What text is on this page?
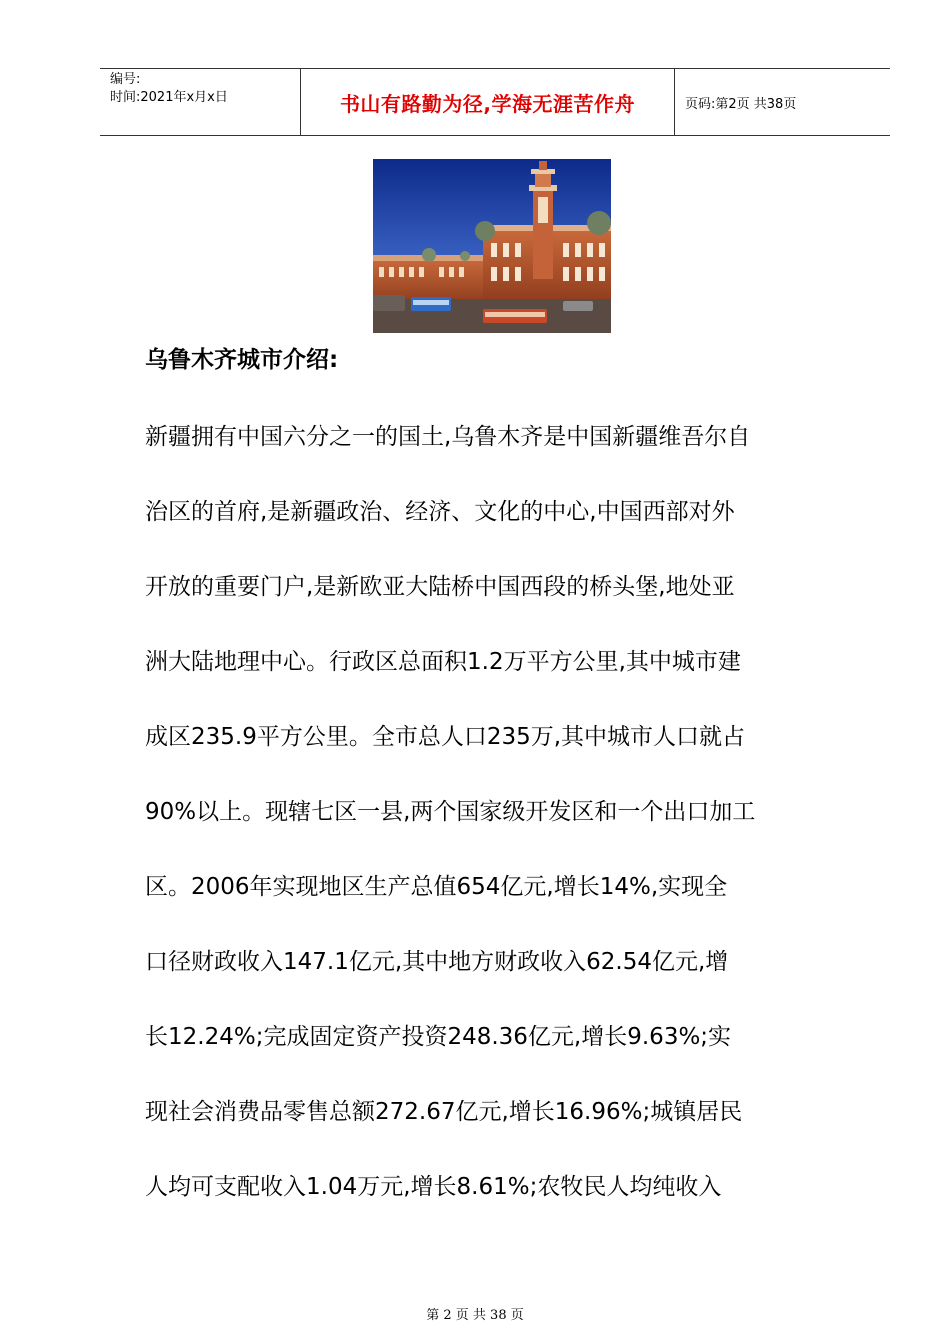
编号:
时间:2021年x月x日	书山有路勤为径,学海无涯苦作舟	页码:第2页 共38页
乌鲁木齐城市介绍:
新疆拥有中国六分之一的国土,乌鲁木齐是中国新疆维吾尔自
治区的首府,是新疆政治、经济、文化的中心,中国西部对外
开放的重要门户,是新欧亚大陆桥中国西段的桥头堡,地处亚
洲大陆地理中心。行政区总面积1.2万平方公里,其中城市建
成区235.9平方公里。全市总人口235万,其中城市人口就占
90%以上。现辖七区一县,两个国家级开发区和一个出口加工
区。2006年实现地区生产总值654亿元,增长14%,实现全
口径财政收入147.1亿元,其中地方财政收入62.54亿元,增
长12.24%;完成固定资产投资248.36亿元,增长9.63%;实
现社会消费品零售总额272.67亿元,增长16.96%;城镇居民
人均可支配收入1.04万元,增长8.61%;农牧民人均纯收入
第 2 页 共 38 页
